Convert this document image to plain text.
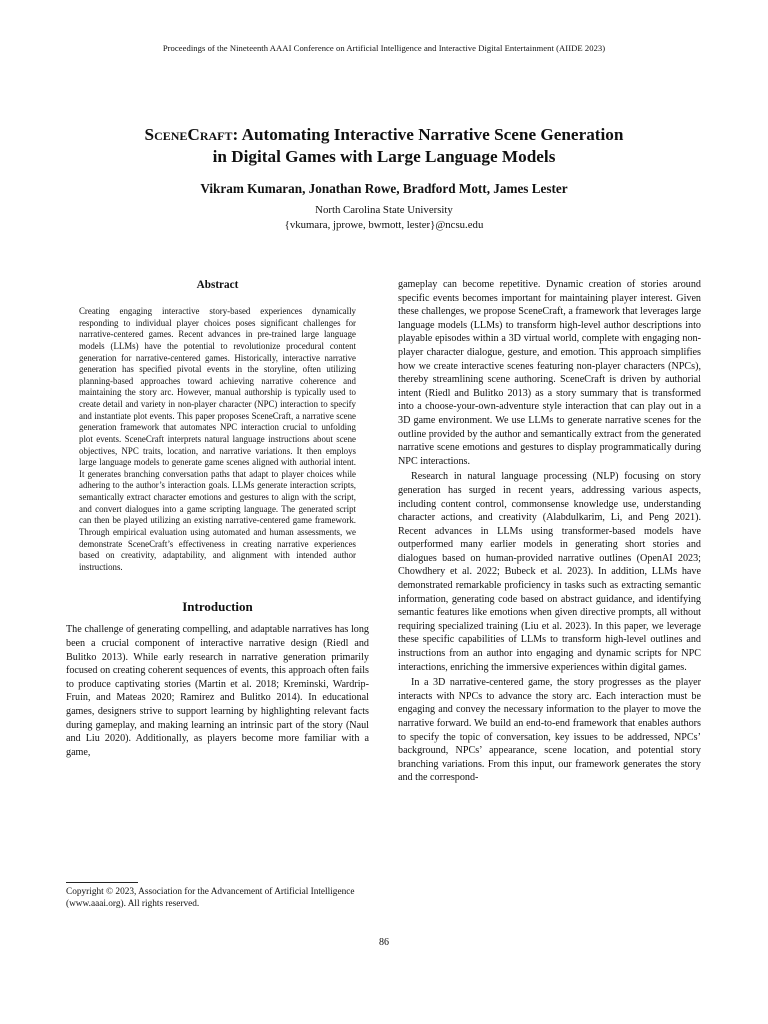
Proceedings of the Nineteenth AAAI Conference on Artificial Intelligence and Interactive Digital Entertainment (AIIDE 2023)
SceneCraft: Automating Interactive Narrative Scene Generation
in Digital Games with Large Language Models
Vikram Kumaran, Jonathan Rowe, Bradford Mott, James Lester
North Carolina State University
{vkumara, jprowe, bwmott, lester}@ncsu.edu
Abstract

Creating engaging interactive story-based experiences dynamically responding to individual player choices poses significant challenges for narrative-centered games. Recent advances in pre-trained large language models (LLMs) have the potential to revolutionize procedural content generation for narrative-centered games. Historically, interactive narrative generation has specified pivotal events in the storyline, often utilizing planning-based approaches toward achieving narrative coherence and maintaining the story arc. However, manual authorship is typically used to create detail and variety in non-player character (NPC) interaction to specify and instantiate plot events. This paper proposes SceneCraft, a narrative scene generation framework that automates NPC interaction crucial to unfolding plot events. SceneCraft interprets natural language instructions about scene objectives, NPC traits, location, and narrative variations. It then employs large language models to generate game scenes aligned with authorial intent. It generates branching conversation paths that adapt to player choices while adhering to the author’s interaction goals. LLMs generate interaction scripts, semantically extract character emotions and gestures to align with the script, and convert dialogues into a game scripting language. The generated script can then be played utilizing an existing narrative-centered game framework. Through empirical evaluation using automated and human assessments, we demonstrate SceneCraft’s effectiveness in creating narrative experiences based on creativity, adaptability, and alignment with intended author instructions.

Introduction

The challenge of generating compelling, and adaptable narratives has long been a crucial component of interactive narrative design (Riedl and Bulitko 2013). While early research in narrative generation primarily focused on creating coherent sequences of events, this approach often fails to produce captivating stories (Martin et al. 2018; Kreminski, Wardrip-Fruin, and Mateas 2020; Ramirez and Bulitko 2014). In educational games, designers strive to support learning by highlighting relevant facts during gameplay, and making learning an intrinsic part of the story (Naul and Liu 2020). Additionally, as players become more familiar with a game,

gameplay can become repetitive. Dynamic creation of stories around specific events becomes important for maintaining player interest. Given these challenges, we propose SceneCraft, a framework that leverages large language models (LLMs) to transform high-level author descriptions into playable episodes within a 3D virtual world, complete with engaging non-player character dialogue, gesture, and emotion. This approach simplifies how we create interactive scenes featuring non-player characters (NPCs), thereby streamlining scene authoring. SceneCraft is driven by authorial intent (Riedl and Bulitko 2013) as a story summary that is transformed into a choose-your-own-adventure style interaction that can play out in a 3D game environment. We use LLMs to generate narrative scenes for the outline provided by the author and semantically extract from the generated narrative scene emotions and gestures to display programmatically during NPC interactions.

Research in natural language processing (NLP) focusing on story generation has surged in recent years, addressing various aspects, including content control, commonsense knowledge use, understanding character actions, and creativity (Alabdulkarim, Li, and Peng 2021). Recent advances in LLMs using transformer-based models have outperformed many earlier models in generating short stories and dialogues based on human-provided narrative outlines (OpenAI 2023; Chowdhery et al. 2022; Bubeck et al. 2023). In addition, LLMs have demonstrated remarkable proficiency in tasks such as extracting semantic information, generating code based on abstract guidance, and identifying semantic features like emotions when given directive prompts, all without requiring specialized training (Liu et al. 2023). In this paper, we leverage these specific capabilities of LLMs to transform high-level outlines and instructions from an author into engaging and dynamic scripts for NPC interactions, enriching the immersive experiences within digital games.

In a 3D narrative-centered game, the story progresses as the player interacts with NPCs to advance the story arc. Each interaction must be engaging and convey the necessary information to the player to move the narrative forward. We build an end-to-end framework that enables authors to specify the topic of conversation, key issues to be addressed, NPCs’ background, NPCs’ appearance, scene location, and potential story branching variations. From this input, our framework generates the story and the correspond-

Copyright © 2023, Association for the Advancement of Artificial Intelligence (www.aaai.org). All rights reserved.
86
